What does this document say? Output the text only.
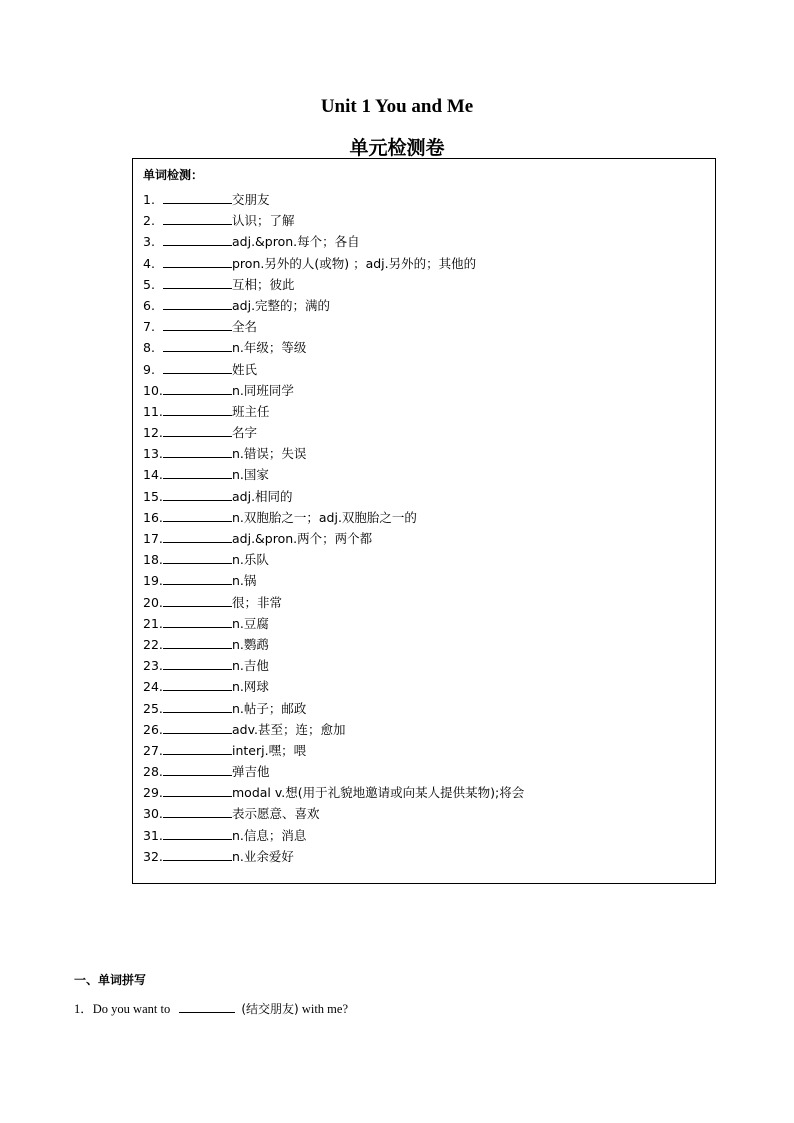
Unit 1 You and Me
单元检测卷
单词检测：
1.	交朋友
2.	认识；了解
3.	adj.&pron.每个；各自
4.	pron.另外的人(或物) ；adj.另外的；其他的
5.	互相；彼此
6.	adj.完整的；满的
7.	全名
8.	n.年级；等级
9.	姓氏
10.	n.同班同学
11.	班主任
12.	名字
13.	n.错误；失误
14.	n.国家
15.	adj.相同的
16.	n.双胞胎之一；adj.双胞胎之一的
17.	adj.&pron.两个；两个都
18.	n.乐队
19.	n.锅
20.	很；非常
21.	n.豆腐
22.	n.鹦鹉
23.	n.吉他
24.	n.网球
25.	n.帖子；邮政
26.	adv.甚至；连；愈加
27.	interj.嘿；喂
28.	弹吉他
29.	modal v.想(用于礼貌地邀请或向某人提供某物);将会
30.	表示愿意、喜欢
31.	n.信息；消息
32.	n.业余爱好
一、单词拼写
1．Do you want to	(结交朋友) with me?
